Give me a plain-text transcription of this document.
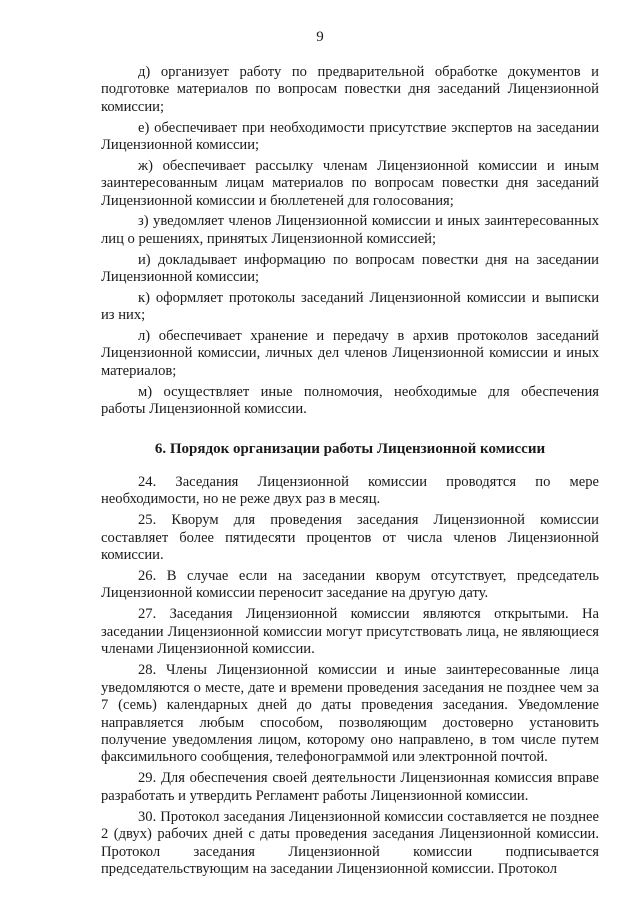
9

д) организует работу по предварительной обработке документов и подготовке материалов по вопросам повестки дня заседаний Лицензионной комиссии;

е) обеспечивает при необходимости присутствие экспертов на заседании Лицензионной комиссии;

ж) обеспечивает рассылку членам Лицензионной комиссии и иным заинтересованным лицам материалов по вопросам повестки дня заседаний Лицензионной комиссии и бюллетеней для голосования;

з) уведомляет членов Лицензионной комиссии и иных заинтересованных лиц о решениях, принятых Лицензионной комиссией;

и) докладывает информацию по вопросам повестки дня на заседании Лицензионной комиссии;

к) оформляет протоколы заседаний Лицензионной комиссии и выписки из них;

л) обеспечивает хранение и передачу в архив протоколов заседаний Лицензионной комиссии, личных дел членов Лицензионной комиссии и иных материалов;

м) осуществляет иные полномочия, необходимые для обеспечения работы Лицензионной комиссии.

6. Порядок организации работы Лицензионной комиссии

24. Заседания Лицензионной комиссии проводятся по мере необходимости, но не реже двух раз в месяц.

25. Кворум для проведения заседания Лицензионной комиссии составляет более пятидесяти процентов от числа членов Лицензионной комиссии.

26. В случае если на заседании кворум отсутствует, председатель Лицензионной комиссии переносит заседание на другую дату.

27. Заседания Лицензионной комиссии являются открытыми. На заседании Лицензионной комиссии могут присутствовать лица, не являющиеся членами Лицензионной комиссии.

28. Члены Лицензионной комиссии и иные заинтересованные лица уведомляются о месте, дате и времени проведения заседания не позднее чем за 7 (семь) календарных дней до даты проведения заседания. Уведомление направляется любым способом, позволяющим достоверно установить получение уведомления лицом, которому оно направлено, в том числе путем факсимильного сообщения, телефонограммой или электронной почтой.

29. Для обеспечения своей деятельности Лицензионная комиссия вправе разработать и утвердить Регламент работы Лицензионной комиссии.

30. Протокол заседания Лицензионной комиссии составляется не позднее 2 (двух) рабочих дней с даты проведения заседания Лицензионной комиссии. Протокол заседания Лицензионной комиссии подписывается председательствующим на заседании Лицензионной комиссии. Протокол
